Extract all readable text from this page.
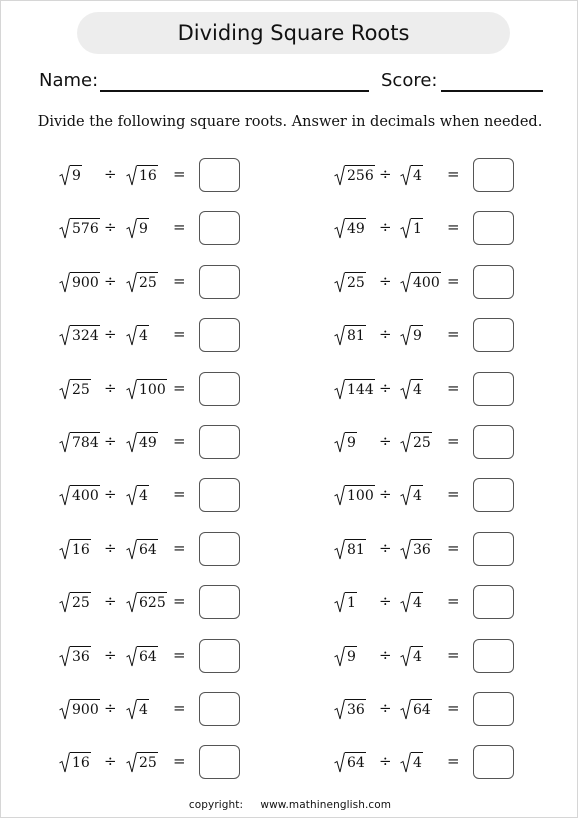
Dividing Square Roots
Name:	Score:
Divide the following square roots. Answer in decimals when needed.
9 ÷ 16 =	256 ÷ 4 =
576 ÷ 9 =	49 ÷ 1 =
900 ÷ 25 =	25 ÷ 400 =
324 ÷ 4 =	81 ÷ 9 =
25 ÷ 100 =	144 ÷ 4 =
784 ÷ 49 =	9 ÷ 25 =
400 ÷ 4 =	100 ÷ 4 =
16 ÷ 64 =	81 ÷ 36 =
25 ÷ 625 =	1 ÷ 4 =
36 ÷ 64 =	9 ÷ 4 =
900 ÷ 4 =	36 ÷ 64 =
16 ÷ 25 =	64 ÷ 4 =
copyright: www.mathinenglish.com
